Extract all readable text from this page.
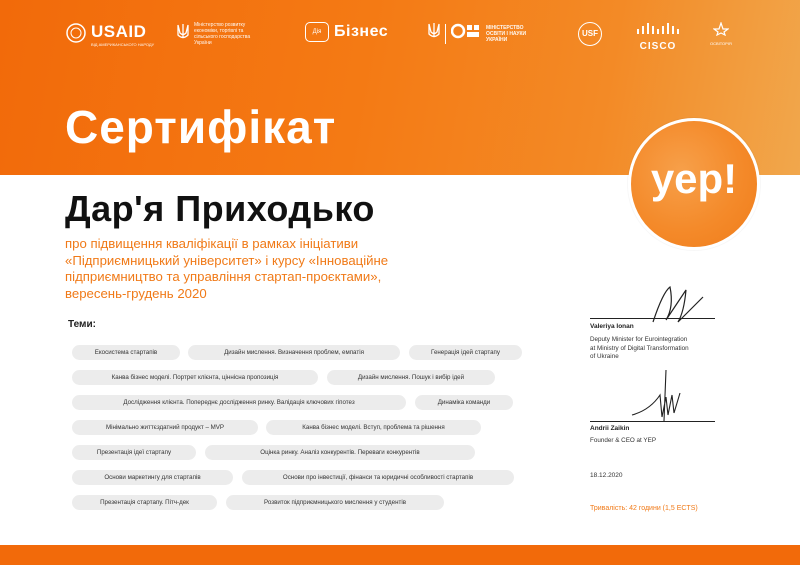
USAID
ВІД АМЕРИКАНСЬКОГО НАРОДУ
Міністерство розвитку економіки, торгівлі та сільського господарства України
Дія Бізнес	МІНІСТЕРСТВО ОСВІТИ І НАУКИ УКРАЇНИ
USF
CISCO	ОСВІТОРІЯ
Сертифікат
yep!
Дар'я Приходько
про підвищення кваліфікації в рамках ініціативи
«Підприємницький університет» і курсу «Інноваційне
підприємництво та управління стартап-проєктами»,
вересень-грудень 2020
Теми:
Екосистема стартапів	Дизайн мислення. Визначення проблем, емпатія	Генерація ідей стартапу
Канва бізнес моделі. Портрет клієнта, ціннісна пропозиція	Дизайн мислення. Пошук і вибір ідей
Дослідження клієнта. Попереднє дослідження ринку. Валідація ключових гіпотез	Динаміка команди
Мінімально життєздатний продукт – MVP	Канва бізнес моделі. Вступ, проблема та рішення
Презентація ідеї стартапу	Оцінка ринку. Аналіз конкурентів. Переваги конкурентів
Основи маркетингу для стартапів	Основи про інвестиції, фінанси та юридичні особливості стартапів
Презентація стартапу. Пітч-дек	Розвиток підприємницького мислення у студентів
Valeriya Ionan
Deputy Minister for Eurointegration
at Ministry of Digital Transformation
of Ukraine
Andrii Zaikin
Founder & CEO at YEP
18.12.2020
Тривалість: 42 години (1,5 ECTS)
